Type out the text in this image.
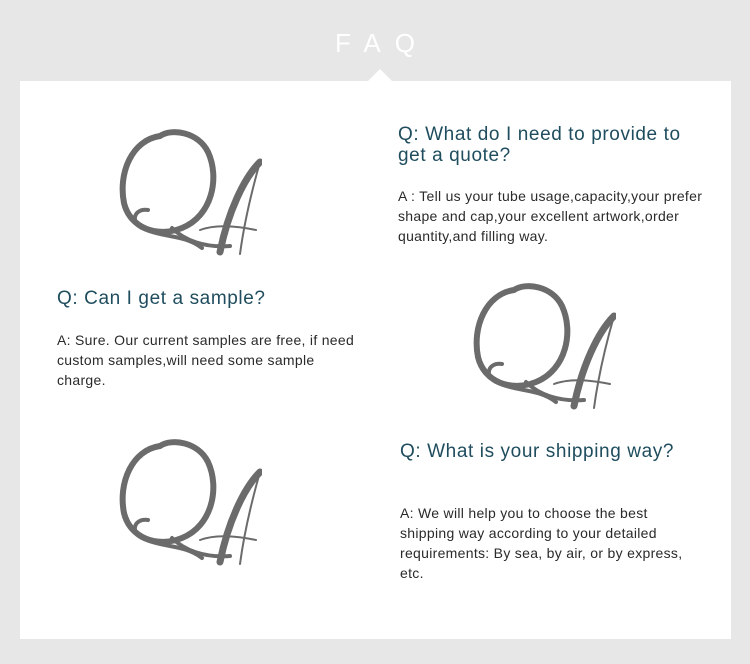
FAQ

Q: What do I need to provide to get a quote?

A : Tell us your tube usage,capacity,your prefer shape and cap,your excellent artwork,order quantity,and filling way.

Q: Can I get a sample?

A: Sure. Our current samples are free, if need custom samples,will need some sample charge.

Q: What is your shipping way?

A: We will help you to choose the best shipping way according to your detailed requirements: By sea, by air, or by express, etc.
